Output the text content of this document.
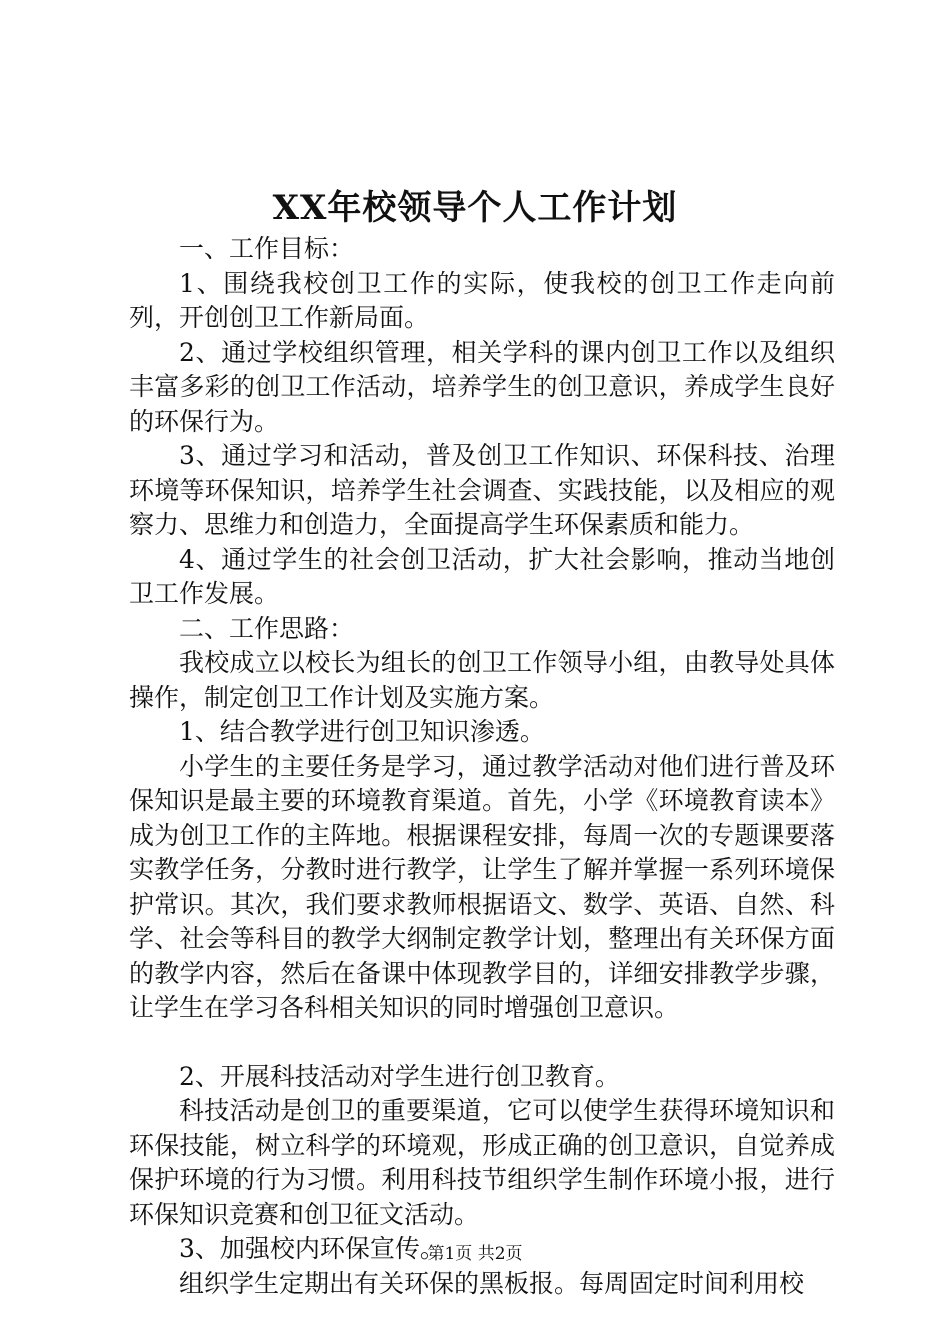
XX年校领导个人工作计划

一、工作目标：

1、围绕我校创卫工作的实际，使我校的创卫工作走向前列，开创创卫工作新局面。

2、通过学校组织管理，相关学科的课内创卫工作以及组织丰富多彩的创卫工作活动，培养学生的创卫意识，养成学生良好的环保行为。

3、通过学习和活动，普及创卫工作知识、环保科技、治理环境等环保知识，培养学生社会调查、实践技能，以及相应的观察力、思维力和创造力，全面提高学生环保素质和能力。

4、通过学生的社会创卫活动，扩大社会影响，推动当地创卫工作发展。

二、工作思路：

我校成立以校长为组长的创卫工作领导小组，由教导处具体操作，制定创卫工作计划及实施方案。

1、结合教学进行创卫知识渗透。

小学生的主要任务是学习，通过教学活动对他们进行普及环保知识是最主要的环境教育渠道。首先，小学《环境教育读本》成为创卫工作的主阵地。根据课程安排，每周一次的专题课要落实教学任务，分教时进行教学，让学生了解并掌握一系列环境保护常识。其次，我们要求教师根据语文、数学、英语、自然、科学、社会等科目的教学大纲制定教学计划，整理出有关环保方面的教学内容，然后在备课中体现教学目的，详细安排教学步骤，让学生在学习各科相关知识的同时增强创卫意识。

2、开展科技活动对学生进行创卫教育。

科技活动是创卫的重要渠道，它可以使学生获得环境知识和环保技能，树立科学的环境观，形成正确的创卫意识，自觉养成保护环境的行为习惯。利用科技节组织学生制作环境小报，进行环保知识竞赛和创卫征文活动。

3、加强校内环保宣传。

组织学生定期出有关环保的黑板报。每周固定时间利用校

第1页 共2页
